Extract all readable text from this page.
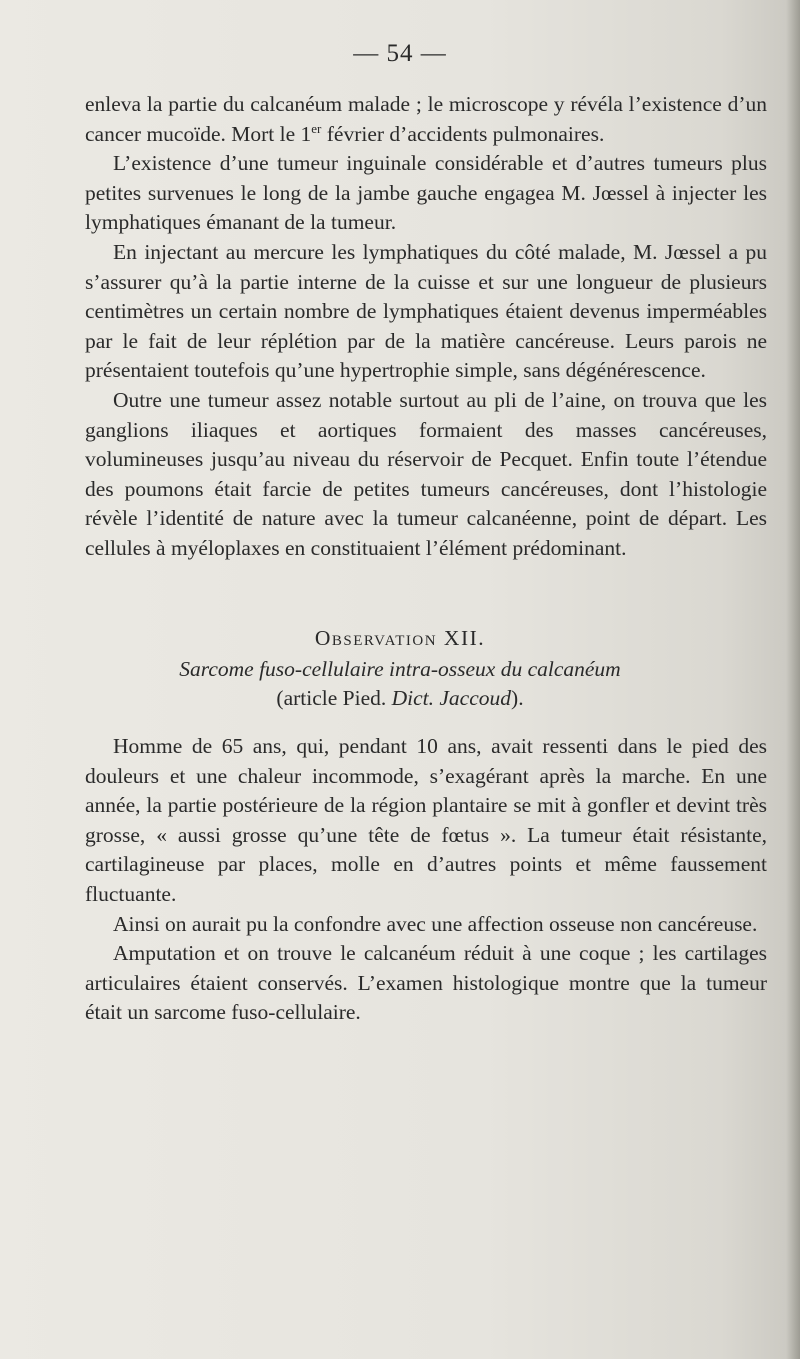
— 54 —

enleva la partie du calcanéum malade ; le microscope y révéla l’existence d’un cancer mucoïde. Mort le 1er février d’accidents pulmonaires.

L’existence d’une tumeur inguinale considérable et d’autres tumeurs plus petites survenues le long de la jambe gauche engagea M. Jœssel à injecter les lymphatiques émanant de la tumeur.

En injectant au mercure les lymphatiques du côté malade, M. Jœssel a pu s’assurer qu’à la partie interne de la cuisse et sur une longueur de plusieurs centimètres un certain nombre de lymphatiques étaient devenus imperméables par le fait de leur réplétion par de la matière cancéreuse. Leurs parois ne présentaient toutefois qu’une hypertrophie simple, sans dégénérescence.

Outre une tumeur assez notable surtout au pli de l’aine, on trouva que les ganglions iliaques et aortiques formaient des masses cancéreuses, volumineuses jusqu’au niveau du réservoir de Pecquet. Enfin toute l’étendue des poumons était farcie de petites tumeurs cancéreuses, dont l’histologie révèle l’identité de nature avec la tumeur calcanéenne, point de départ. Les cellules à myéloplaxes en constituaient l’élément prédominant.

Observation XII.
Sarcome fuso-cellulaire intra-osseux du calcanéum
(article Pied. Dict. Jaccoud).

Homme de 65 ans, qui, pendant 10 ans, avait ressenti dans le pied des douleurs et une chaleur incommode, s’exagérant après la marche. En une année, la partie postérieure de la région plantaire se mit à gonfler et devint très grosse, « aussi grosse qu’une tête de fœtus ». La tumeur était résistante, cartilagineuse par places, molle en d’autres points et même faussement fluctuante.

Ainsi on aurait pu la confondre avec une affection osseuse non cancéreuse.

Amputation et on trouve le calcanéum réduit à une coque ; les cartilages articulaires étaient conservés. L’examen histologique montre que la tumeur était un sarcome fuso-cellulaire.
